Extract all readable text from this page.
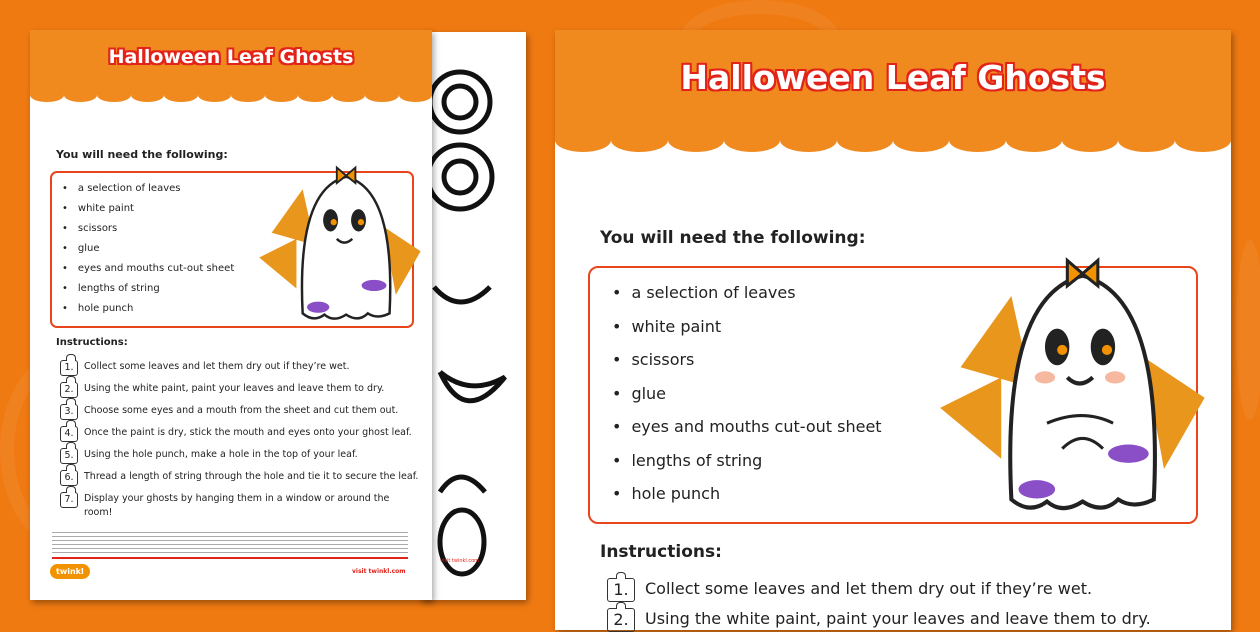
visit twinkl.com
Halloween Leaf Ghosts
You will need the following:
• a selection of leaves
• white paint
• scissors
• glue
• eyes and mouths cut-out sheet
• lengths of string
• hole punch
Instructions:
1.	Collect some leaves and let them dry out if they’re wet.
2.	Using the white paint, paint your leaves and leave them to dry.
3.	Choose some eyes and a mouth from the sheet and cut them out.
4.	Once the paint is dry, stick the mouth and eyes onto your ghost leaf.
5.	Using the hole punch, make a hole in the top of your leaf.
6.	Thread a length of string through the hole and tie it to secure the leaf.
7.	Display your ghosts by hanging them in a window or around the room!
twinkl	visit twinkl.com
Halloween Leaf Ghosts
You will need the following:
• a selection of leaves
• white paint
• scissors
• glue
• eyes and mouths cut-out sheet
• lengths of string
• hole punch
Instructions:
1.	Collect some leaves and let them dry out if they’re wet.
2.	Using the white paint, paint your leaves and leave them to dry.
